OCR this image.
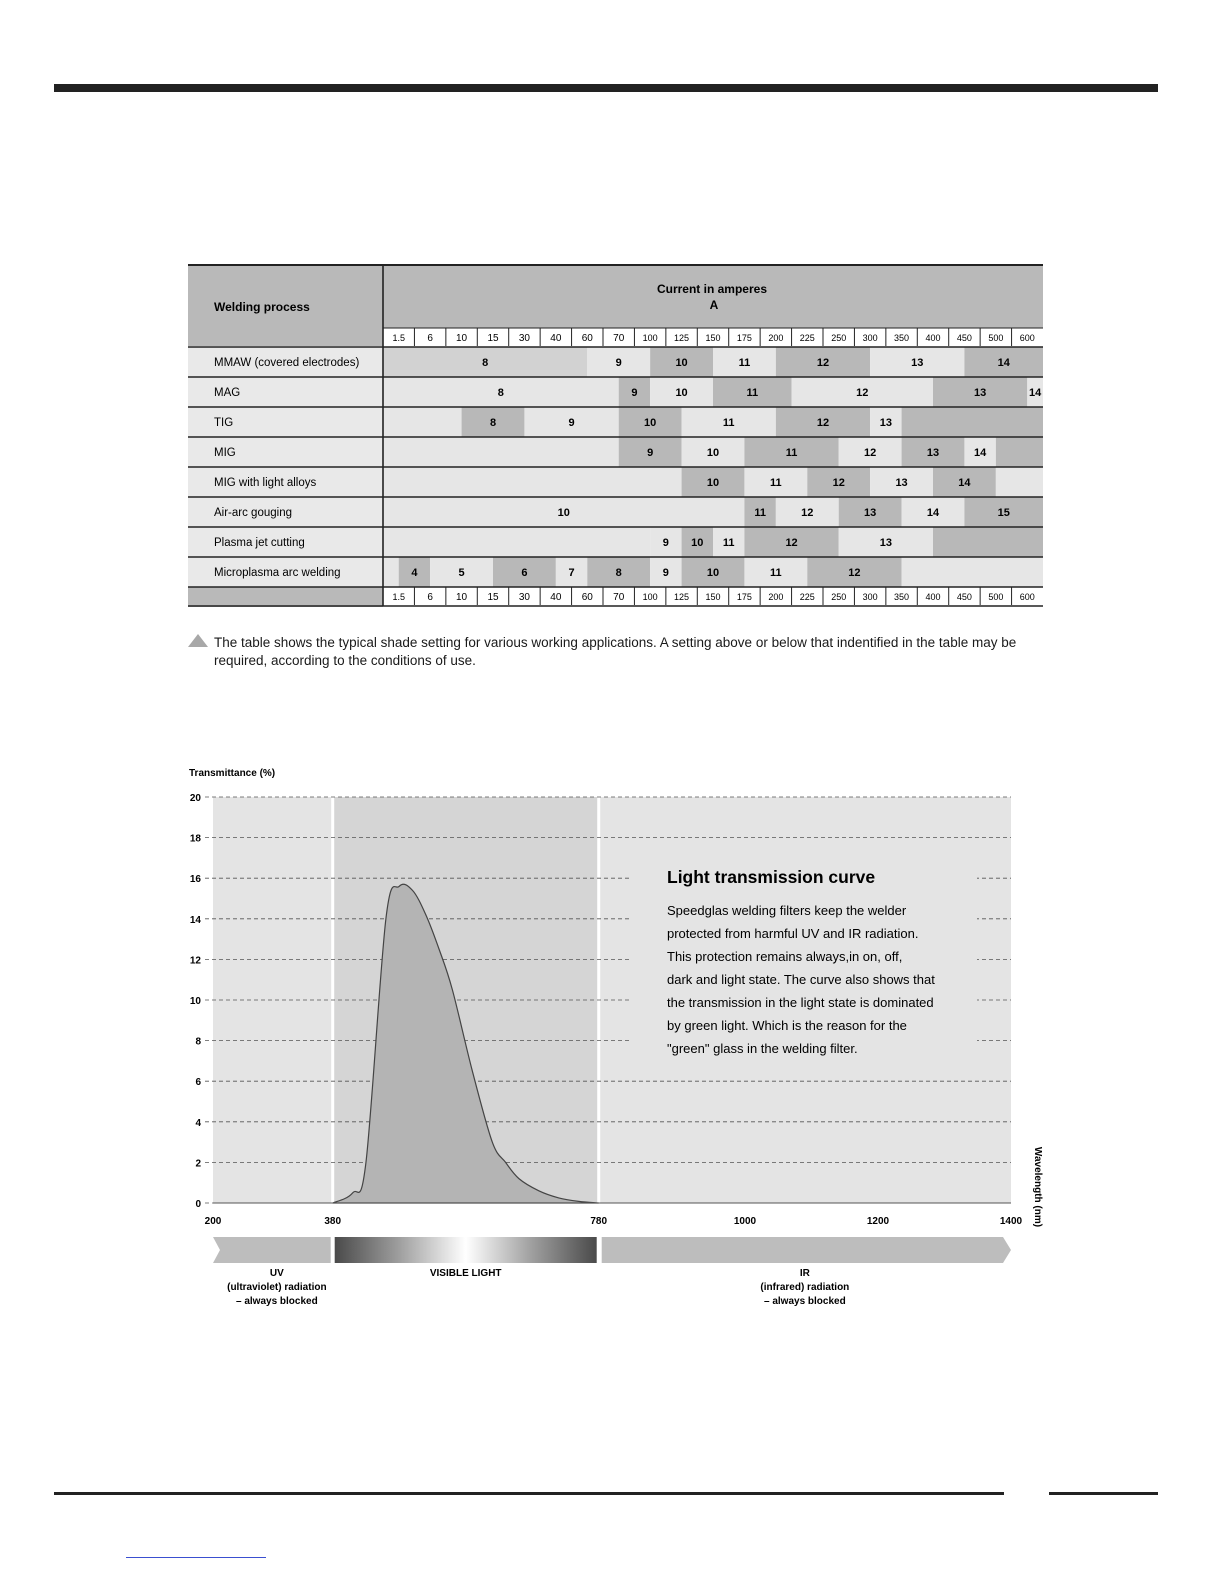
Welding process
Current in amperes
A
1.5 6 10 15 30 40 60 70 100 125 150 175 200 225 250 300 350 400 450 500 600
1.5 6 10 15 30 40 60 70 100 125 150 175 200 225 250 300 350 400 450 500 600
MMAW (covered electrodes)	8	9	10	11	12	13	14
MAG	8	9	10	11	12	13	14
TIG	8	9	10	11	12	13
MIG	9	10	11	12	13	14
MIG with light alloys	10	11	12	13	14
Air-arc gouging	10	11	12	13	14	15
Plasma jet cutting	9 10 11	12	13
Microplasma arc welding	4	5	6	7	8	9	10	11	12
The table shows the typical shade setting for various working applications. A setting above or below that indentified in the table may be required, according to the conditions of use.
0
2
4
6
8
10
12
14
16
18
20
200	380	780	1000	1200	1400
Light transmission curve
Speedglas welding filters keep the welder
protected from harmful UV and IR radiation.
This protection remains always,in on, off,
dark and light state. The curve also shows that
the transmission in the light state is dominated
by green light. Which is the reason for the
"green" glass in the welding filter.
UV
(ultraviolet) radiation
– always blocked
VISIBLE LIGHT	IR
(infrared) radiation
– always blocked
Transmittance (%)
Wavelength (nm)
